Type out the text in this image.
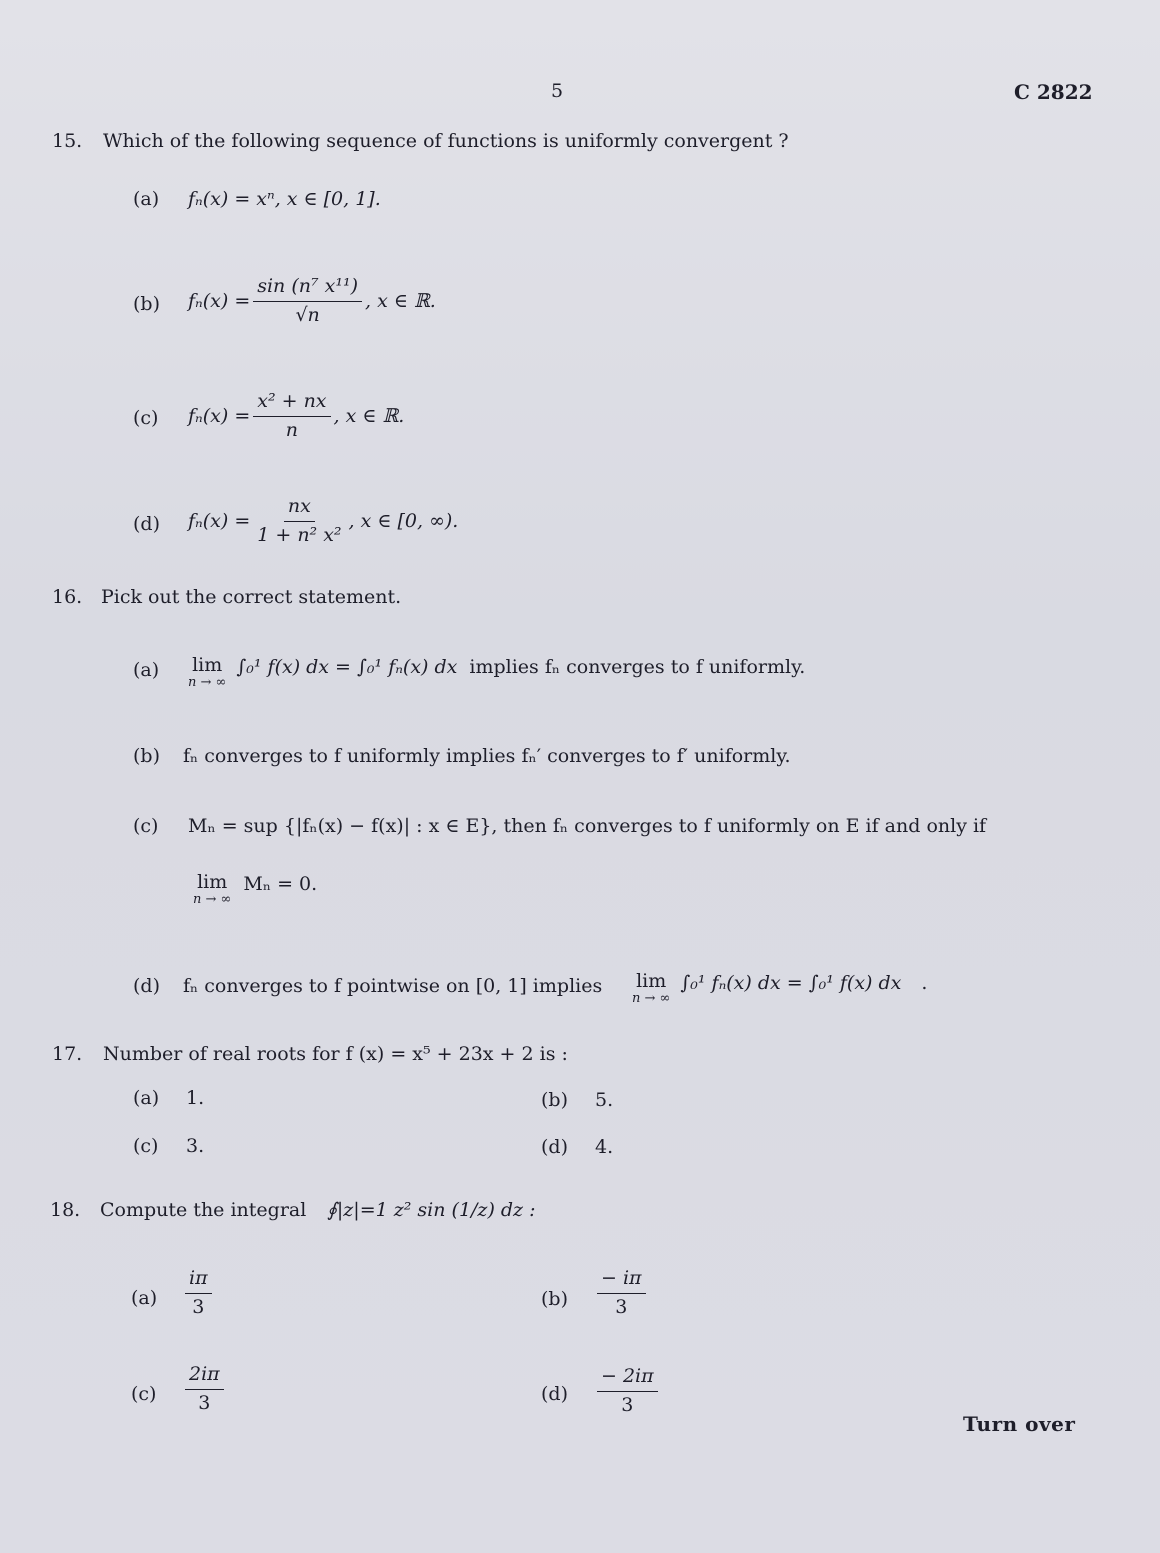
5	C 2822
15. Which of the following sequence of functions is uniformly convergent ?
(a) fₙ(x) = xⁿ, x ∈ [0, 1].
(b) $f_n(x) = \frac{\text{sin (n⁷ x¹¹)}}{√n}$ , x ∈ ℝ.
(c) $f_n(x) = \frac{\text{x² + nx}}{n}$ , x ∈ ℝ.
(d) $f_n(x) = \frac{nx}{\text{1 + n² x²}}$ , x ∈ [0, ∞).
16. Pick out the correct statement.
(a) lim
n → ∞
∫₀¹ f(x) dx = ∫₀¹ fₙ(x) dx implies fₙ converges to f uniformly.
(b) fₙ converges to f uniformly implies fₙ′ converges to f′ uniformly.
(c) Mₙ = sup {|fₙ(x) − f(x)| : x ∈ E}, then fₙ converges to f uniformly on E if and only if
lim
n → ∞
Mₙ = 0.
(d) fₙ converges to f pointwise on [0, 1] implies lim
n → ∞
∫₀¹ fₙ(x) dx = ∫₀¹ f(x) dx .
17. Number of real roots for f (x) = x⁵ + 23x + 2 is :
(a) 1.	(b) 5.
(c) 3.	(d) 4.
18. Compute the integral ∮|z|=1 z² sin (1/z) dz :
$(a) \frac{i\pi}{3}$	$(b) \frac{- i\pi}{3}$
$(c) \frac{2i\pi}{3}$	$(d) \frac{- 2i\pi}{3}$
Turn over
